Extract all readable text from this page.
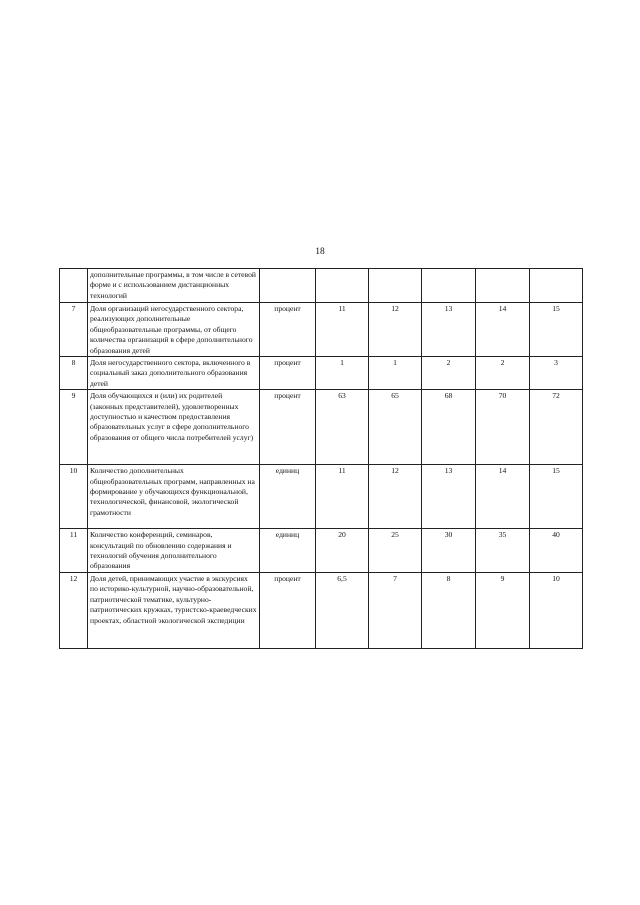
18
	дополнительные программы, в том числе в сетевой форме и с использованием дистанционных технологий						
7	Доля организаций негосударственного сектора, реализующих дополнительные общеобразовательные программы, от общего количества организаций в сфере дополнительного образования детей	процент	11	12	13	14	15
8	Доля негосударственного сектора, включенного в социальный заказ дополнительного образования детей	процент	1	1	2	2	3
9	Доля обучающихся и (или) их родителей (законных представителей), удовлетворенных доступностью и качеством предоставления образовательных услуг в сфере дополнительного образования от общего числа потребителей услуг)	процент	63	65	68	70	72
10	Количество дополнительных общеобразовательных программ, направленных на формирование у обучающихся функциональной, технологической, финансовой, экологической грамотности	единиц	11	12	13	14	15
11	Количество конференций, семинаров, консультаций по обновлению содержания и технологий обучения дополнительного образования	единиц	20	25	30	35	40
12	Доля детей, принимающих участие в экскурсиях по историко-культурной, научно-образовательной, патриотической тематике, культурно-патриотических кружках, туристско-краеведческих проектах, областной экологической экспедиции	процент	6,5	7	8	9	10
